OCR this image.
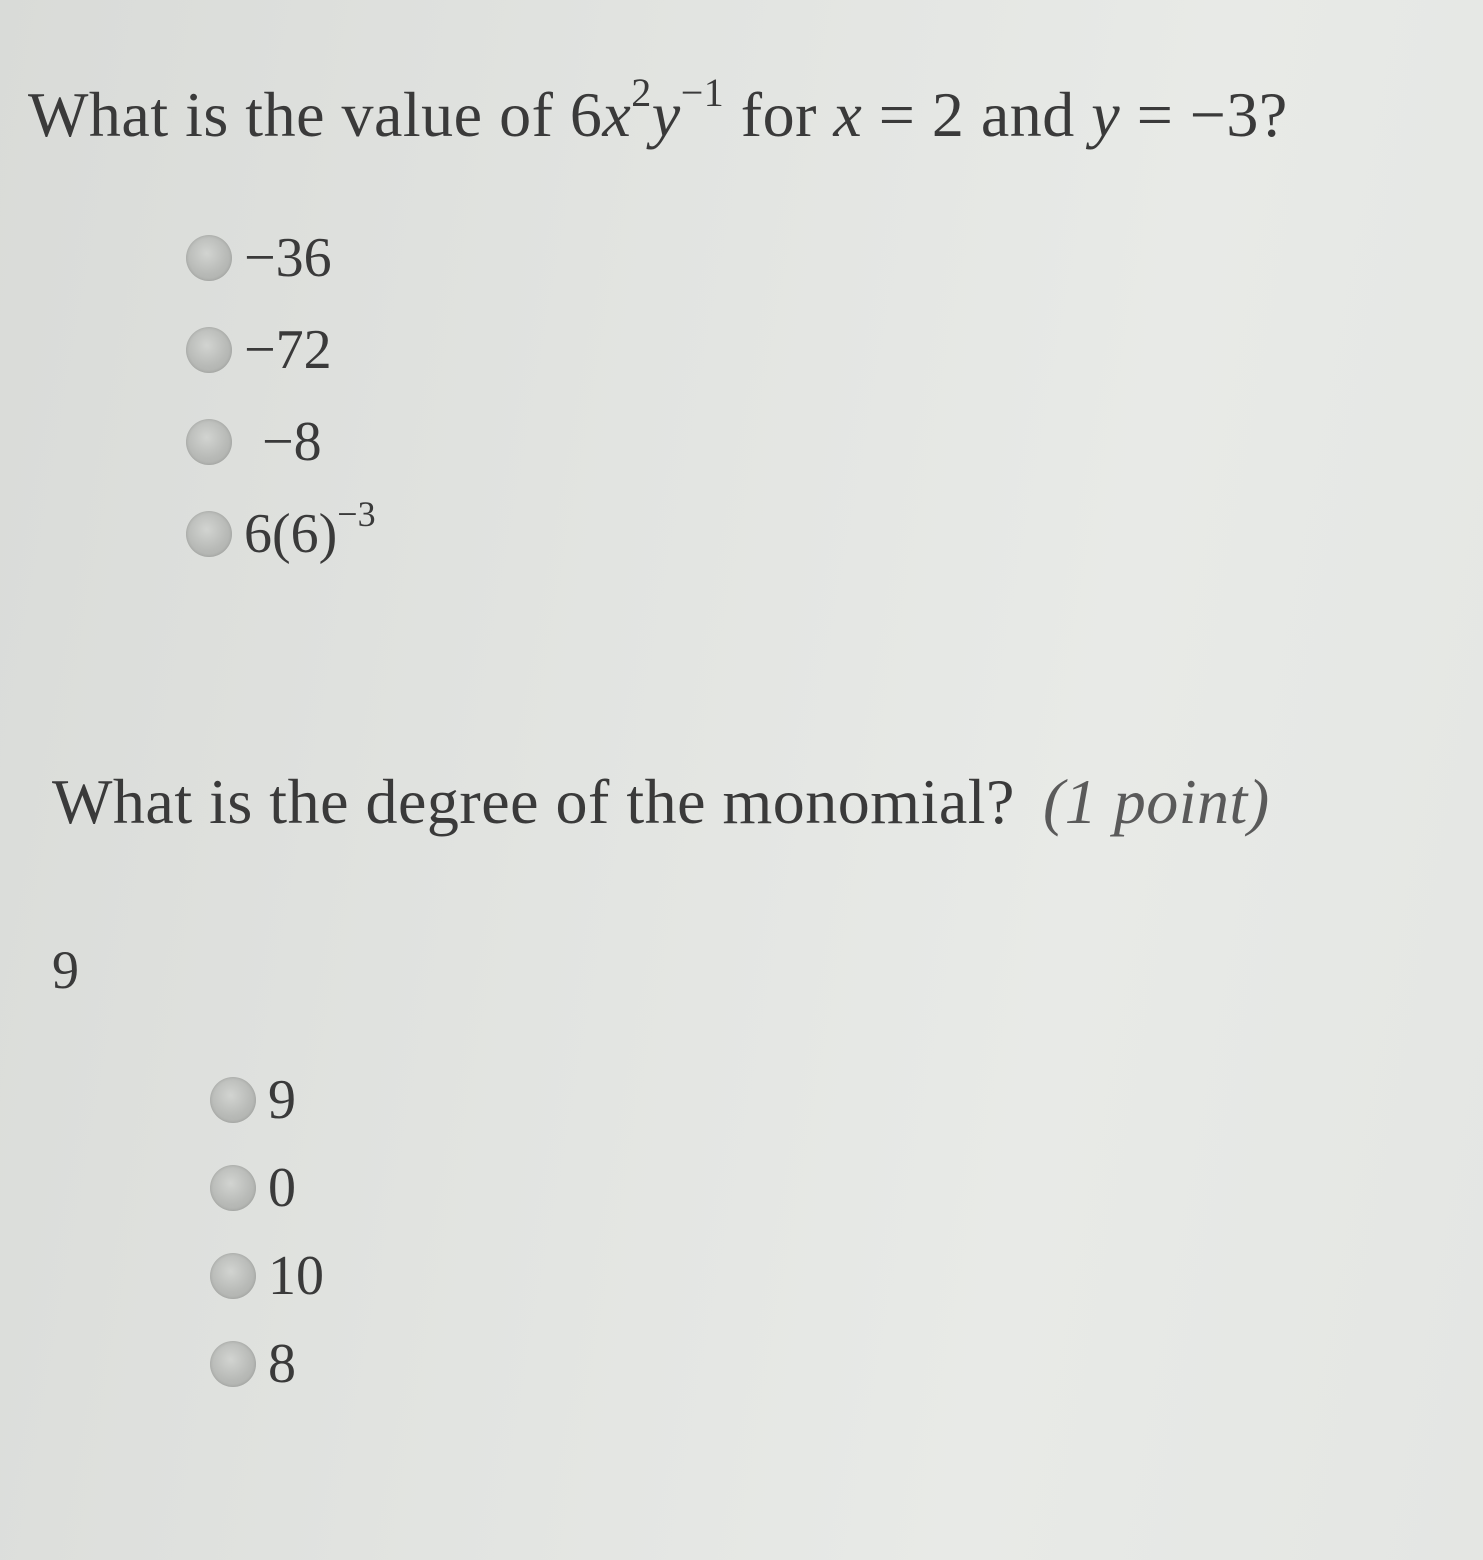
What is the value of $6x^2y^{-1}$ for x = 2 and y = −3?
−36
−72
−8
$6(6)^{-3}$
What is the degree of the monomial? (1 point)
9
9
0
10
8
